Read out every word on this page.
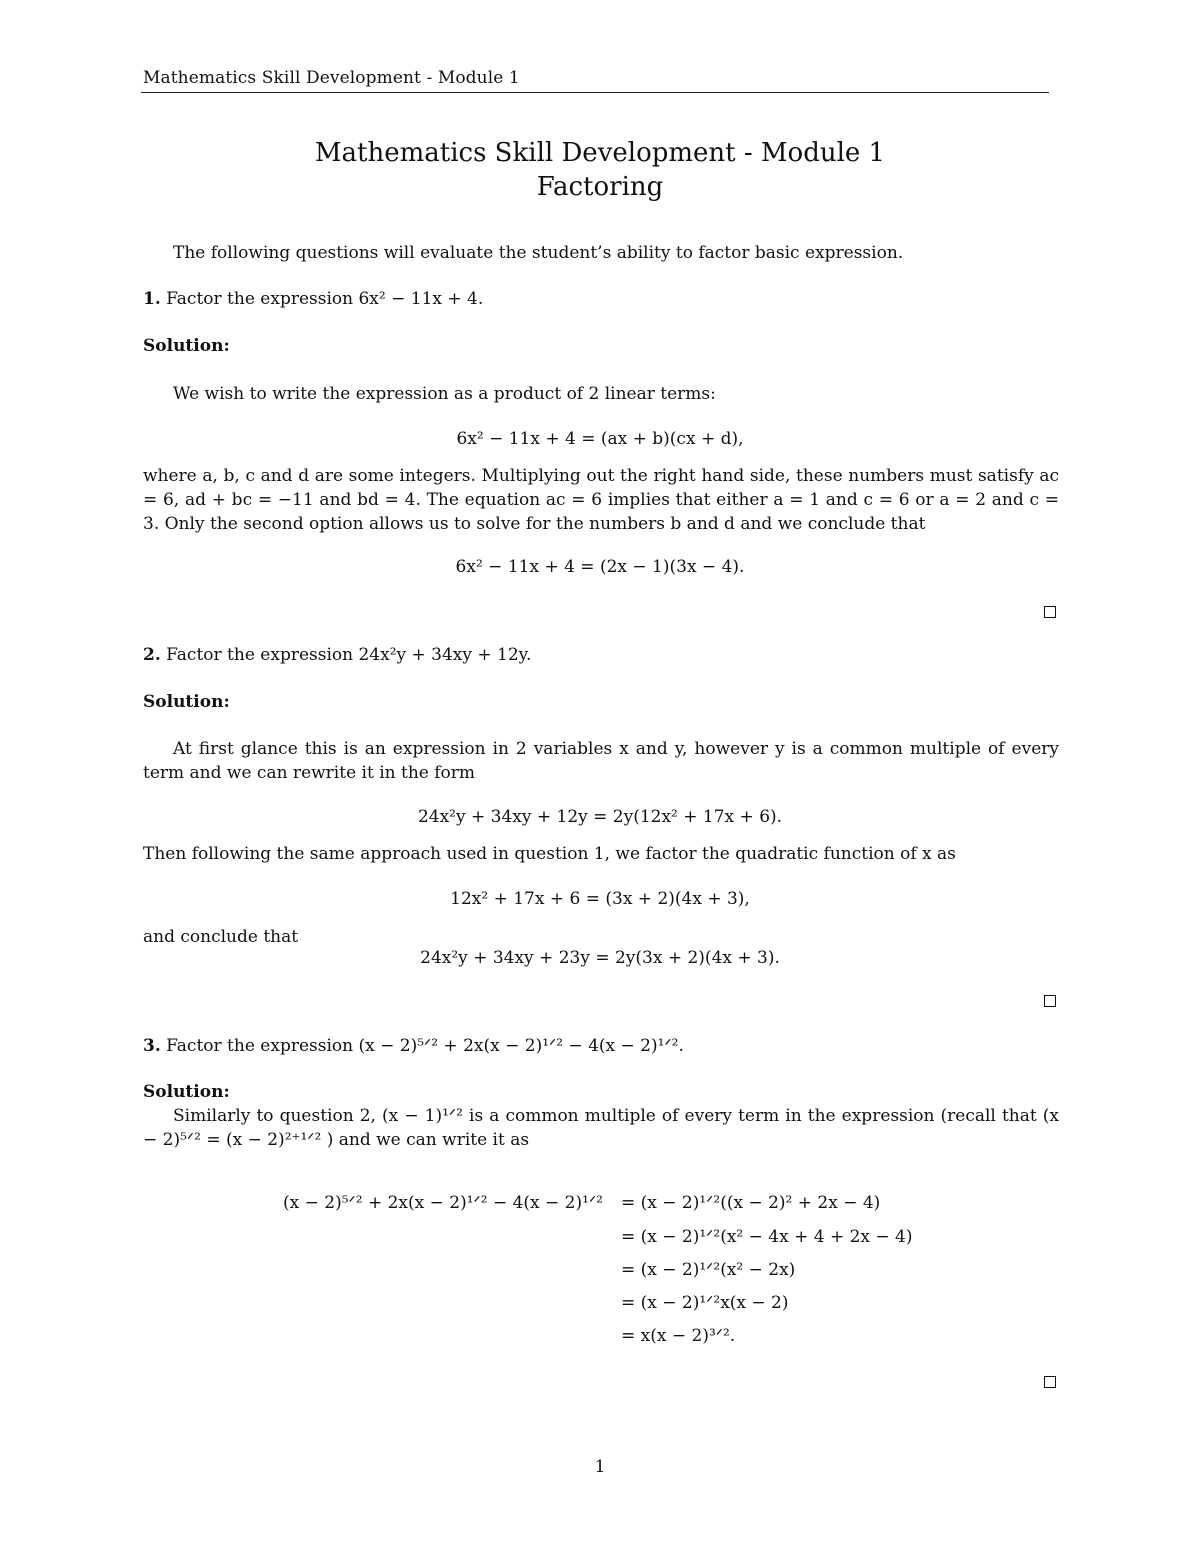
Mathematics Skill Development - Module 1
Mathematics Skill Development - Module 1
Factoring
The following questions will evaluate the student’s ability to factor basic expression.
1. Factor the expression 6x² − 11x + 4.
Solution:
We wish to write the expression as a product of 2 linear terms:
6x² − 11x + 4 = (ax + b)(cx + d),
where a, b, c and d are some integers. Multiplying out the right hand side, these numbers must satisfy ac = 6, ad + bc = −11 and bd = 4. The equation ac = 6 implies that either a = 1 and c = 6 or a = 2 and c = 3. Only the second option allows us to solve for the numbers b and d and we conclude that
6x² − 11x + 4 = (2x − 1)(3x − 4).
2. Factor the expression 24x²y + 34xy + 12y.
Solution:
At first glance this is an expression in 2 variables x and y, however y is a common multiple of every term and we can rewrite it in the form
24x²y + 34xy + 12y = 2y(12x² + 17x + 6).
Then following the same approach used in question 1, we factor the quadratic function of x as
12x² + 17x + 6 = (3x + 2)(4x + 3),
and conclude that
24x²y + 34xy + 23y = 2y(3x + 2)(4x + 3).
3. Factor the expression (x − 2)⁵ᐟ² + 2x(x − 2)¹ᐟ² − 4(x − 2)¹ᐟ².
Solution:
Similarly to question 2, (x − 1)¹ᐟ² is a common multiple of every term in the expression (recall that (x − 2)⁵ᐟ² = (x − 2)²⁺¹ᐟ² ) and we can write it as
(x − 2)⁵ᐟ² + 2x(x − 2)¹ᐟ² − 4(x − 2)¹ᐟ² = (x − 2)¹ᐟ²((x − 2)² + 2x − 4)
= (x − 2)¹ᐟ²(x² − 4x + 4 + 2x − 4)
= (x − 2)¹ᐟ²(x² − 2x)
= (x − 2)¹ᐟ²x(x − 2)
= x(x − 2)³ᐟ².
1
